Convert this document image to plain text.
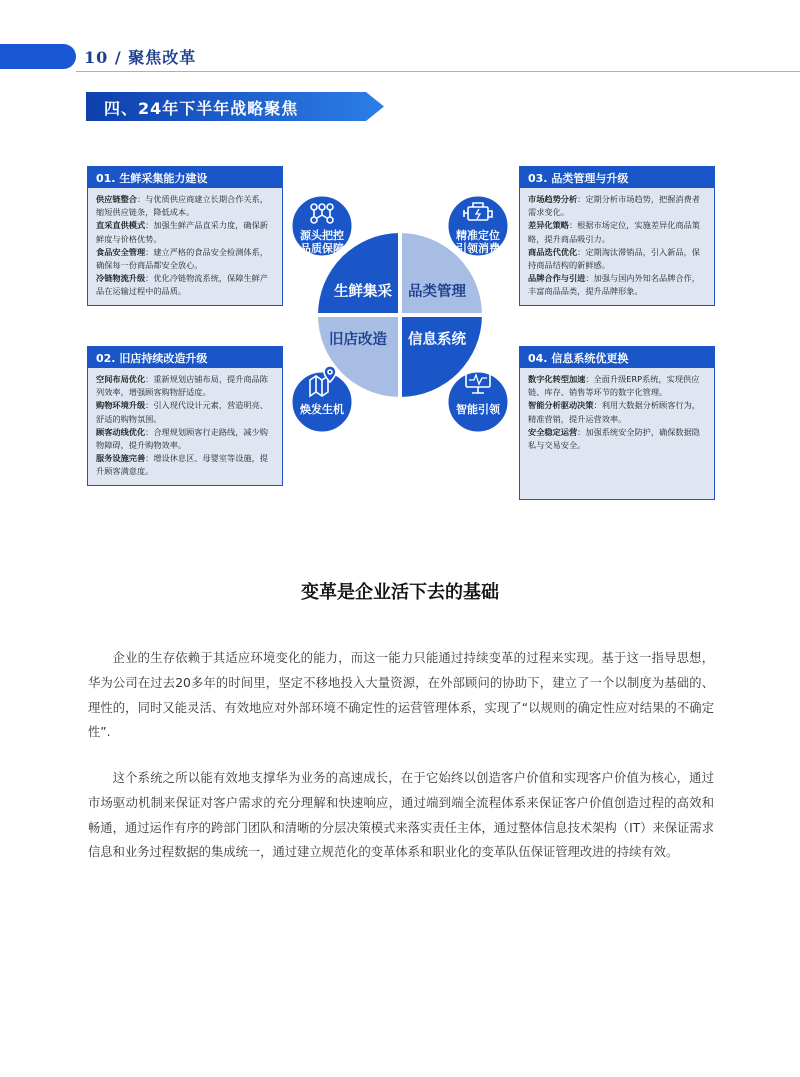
10 / 聚焦改革
四、24年下半年战略聚焦
01. 生鲜采集能力建设

供应链整合：与优质供应商建立长期合作关系，缩短供应链条，降低成本。

直采直供模式：加强生鲜产品直采力度，确保新鲜度与价格优势。

食品安全管理：建立严格的食品安全检测体系，确保每一份商品都安全放心。

冷链物流升级：优化冷链物流系统，保障生鲜产品在运输过程中的品质。

02. 旧店持续改造升级

空间布局优化：重新规划店铺布局，提升商品陈列效率，增强顾客购物舒适度。

购物环境升级：引入现代设计元素，营造明亮、舒适的购物氛围。

顾客动线优化：合理规划顾客行走路线，减少购物障碍，提升购物效率。

服务设施完善：增设休息区、母婴室等设施，提升顾客满意度。

03. 品类管理与升级

市场趋势分析：定期分析市场趋势，把握消费者需求变化。

差异化策略：根据市场定位，实施差异化商品策略，提升商品吸引力。

商品迭代优化：定期淘汰滞销品，引入新品，保持商品结构的新鲜感。

品牌合作与引进：加强与国内外知名品牌合作，丰富商品品类，提升品牌形象。

04. 信息系统优更换

数字化转型加速：全面升级ERP系统，实现供应链、库存、销售等环节的数字化管理。

智能分析驱动决策：利用大数据分析顾客行为，精准营销，提升运营效率。

安全稳定运营：加强系统安全防护，确保数据隐私与交易安全。

生鲜集采 品类管理
旧店改造 信息系统
源头把控
品质保障
精准定位
引领消费
焕发生机	智能引领
变革是企业活下去的基础

企业的生存依赖于其适应环境变化的能力，而这一能力只能通过持续变革的过程来实现。基于这一指导思想，华为公司在过去20多年的时间里，坚定不移地投入大量资源，在外部顾问的协助下，建立了一个以制度为基础的、理性的，同时又能灵活、有效地应对外部环境不确定性的运营管理体系，实现了“以规则的确定性应对结果的不确定性”.

这个系统之所以能有效地支撑华为业务的高速成长，在于它始终以创造客户价值和实现客户价值为核心，通过市场驱动机制来保证对客户需求的充分理解和快速响应，通过端到端全流程体系来保证客户价值创造过程的高效和畅通，通过运作有序的跨部门团队和清晰的分层决策模式来落实责任主体，通过整体信息技术架构（IT）来保证需求信息和业务过程数据的集成统一，通过建立规范化的变革体系和职业化的变革队伍保证管理改进的持续有效。
